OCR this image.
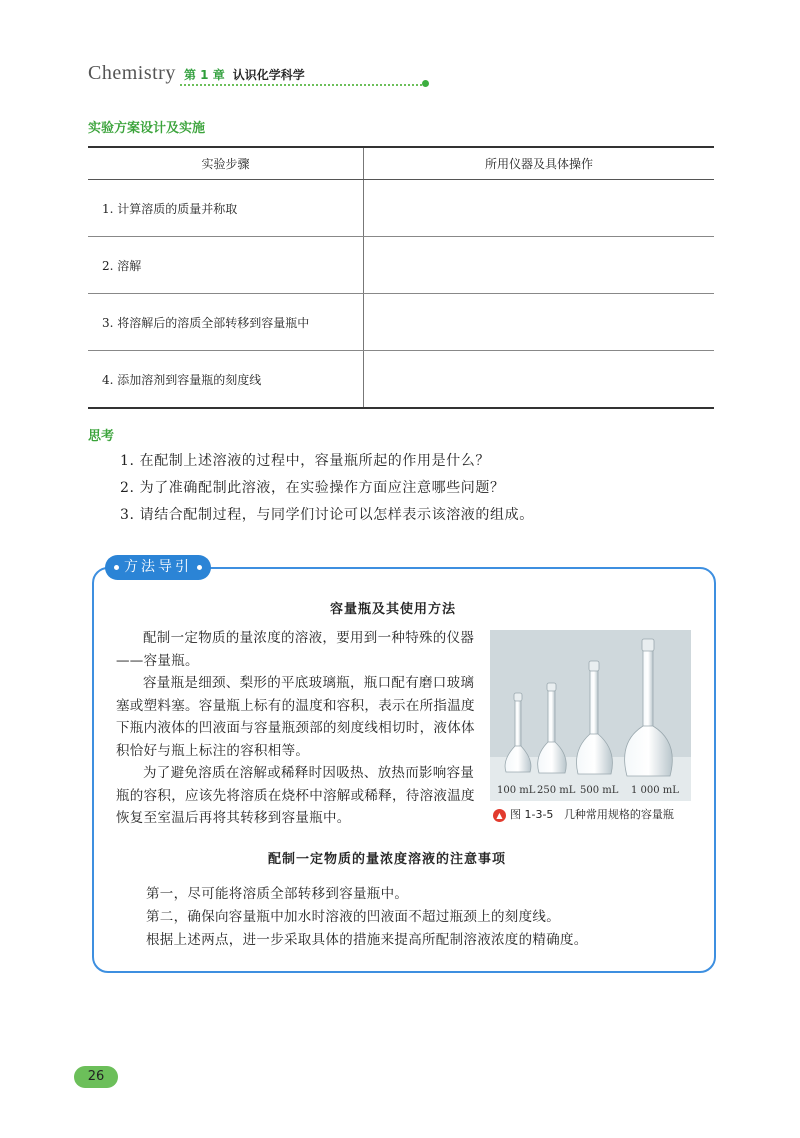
Chemistry 第 1 章 认识化学科学
实验方案设计及实施
实验步骤	所用仪器及具体操作
1. 计算溶质的质量并称取	
2. 溶解	
3. 将溶解后的溶质全部转移到容量瓶中	
4. 添加溶剂到容量瓶的刻度线	
思考
1. 在配制上述溶液的过程中，容量瓶所起的作用是什么？
2. 为了准确配制此溶液，在实验操作方面应注意哪些问题？
3. 请结合配制过程，与同学们讨论可以怎样表示该溶液的组成。
方法导引
容量瓶及其使用方法

配制一定物质的量浓度的溶液，要用到一种特殊的仪器——容量瓶。

容量瓶是细颈、梨形的平底玻璃瓶，瓶口配有磨口玻璃塞或塑料塞。容量瓶上标有的温度和容积，表示在所指温度下瓶内液体的凹液面与容量瓶颈部的刻度线相切时，液体体积恰好与瓶上标注的容积相等。

为了避免溶质在溶解或稀释时因吸热、放热而影响容量瓶的容积，应该先将溶质在烧杯中溶解或稀释，待溶液温度恢复至室温后再将其转移到容量瓶中。

100 mL 250 mL 500 mL 1 000 mL
▲ 图 1-3-5 几种常用规格的容量瓶
配制一定物质的量浓度溶液的注意事项
第一，尽可能将溶质全部转移到容量瓶中。
第二，确保向容量瓶中加水时溶液的凹液面不超过瓶颈上的刻度线。
根据上述两点，进一步采取具体的措施来提高所配制溶液浓度的精确度。
26
